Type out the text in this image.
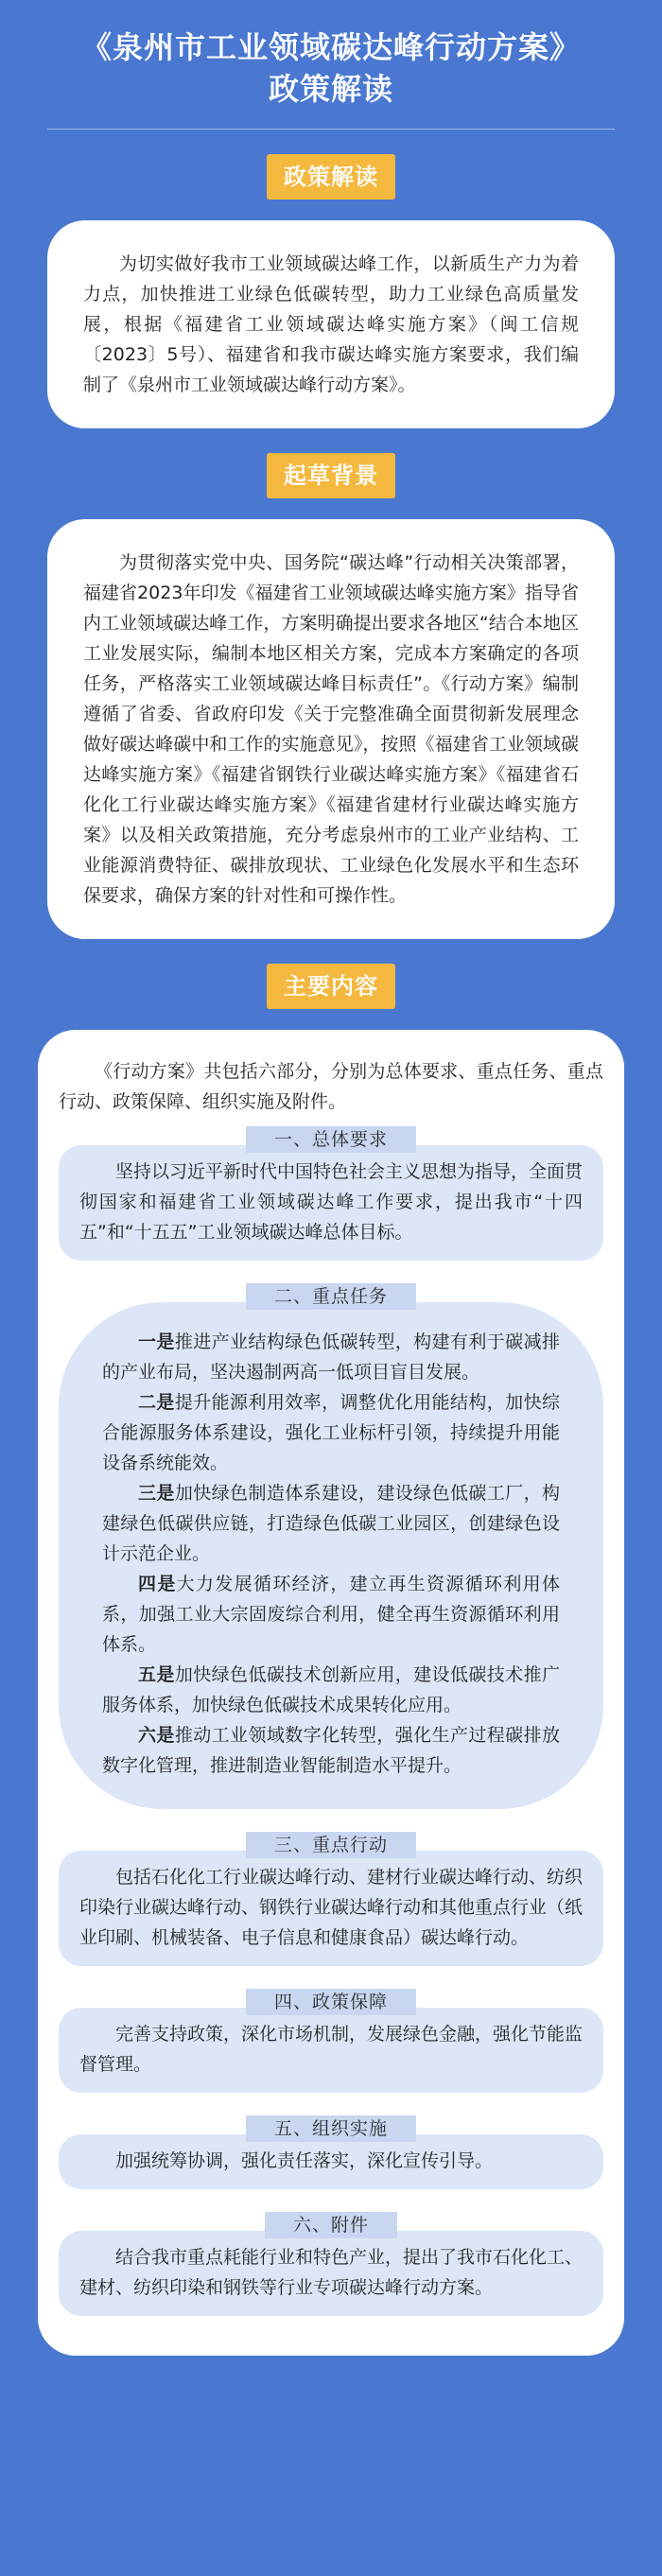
《泉州市工业领域碳达峰行动方案》
政策解读
政策解读

为切实做好我市工业领域碳达峰工作，以新质生产力为着力点，加快推进工业绿色低碳转型，助力工业绿色高质量发展，根据《福建省工业领域碳达峰实施方案》（闽工信规〔2023〕5号）、福建省和我市碳达峰实施方案要求，我们编制了《泉州市工业领域碳达峰行动方案》。

起草背景

为贯彻落实党中央、国务院“碳达峰”行动相关决策部署，福建省2023年印发《福建省工业领域碳达峰实施方案》指导省内工业领域碳达峰工作，方案明确提出要求各地区“结合本地区工业发展实际，编制本地区相关方案，完成本方案确定的各项任务，严格落实工业领域碳达峰目标责任”。《行动方案》编制遵循了省委、省政府印发《关于完整准确全面贯彻新发展理念做好碳达峰碳中和工作的实施意见》，按照《福建省工业领域碳达峰实施方案》《福建省钢铁行业碳达峰实施方案》《福建省石化化工行业碳达峰实施方案》《福建省建材行业碳达峰实施方案》以及相关政策措施，充分考虑泉州市的工业产业结构、工业能源消费特征、碳排放现状、工业绿色化发展水平和生态环保要求，确保方案的针对性和可操作性。

主要内容

《行动方案》共包括六部分，分别为总体要求、重点任务、重点行动、政策保障、组织实施及附件。

一、总体要求

坚持以习近平新时代中国特色社会主义思想为指导，全面贯彻国家和福建省工业领域碳达峰工作要求，提出我市“十四五”和“十五五”工业领域碳达峰总体目标。

二、重点任务

一是推进产业结构绿色低碳转型，构建有利于碳减排的产业布局，坚决遏制两高一低项目盲目发展。

二是提升能源利用效率，调整优化用能结构，加快综合能源服务体系建设，强化工业标杆引领，持续提升用能设备系统能效。

三是加快绿色制造体系建设，建设绿色低碳工厂，构建绿色低碳供应链，打造绿色低碳工业园区，创建绿色设计示范企业。

四是大力发展循环经济，建立再生资源循环利用体系，加强工业大宗固废综合利用，健全再生资源循环利用体系。

五是加快绿色低碳技术创新应用，建设低碳技术推广服务体系，加快绿色低碳技术成果转化应用。

六是推动工业领域数字化转型，强化生产过程碳排放数字化管理，推进制造业智能制造水平提升。

三、重点行动

包括石化化工行业碳达峰行动、建材行业碳达峰行动、纺织印染行业碳达峰行动、钢铁行业碳达峰行动和其他重点行业（纸业印刷、机械装备、电子信息和健康食品）碳达峰行动。

四、政策保障

完善支持政策，深化市场机制，发展绿色金融，强化节能监督管理。

五、组织实施

加强统筹协调，强化责任落实，深化宣传引导。

六、附件

结合我市重点耗能行业和特色产业，提出了我市石化化工、建材、纺织印染和钢铁等行业专项碳达峰行动方案。
